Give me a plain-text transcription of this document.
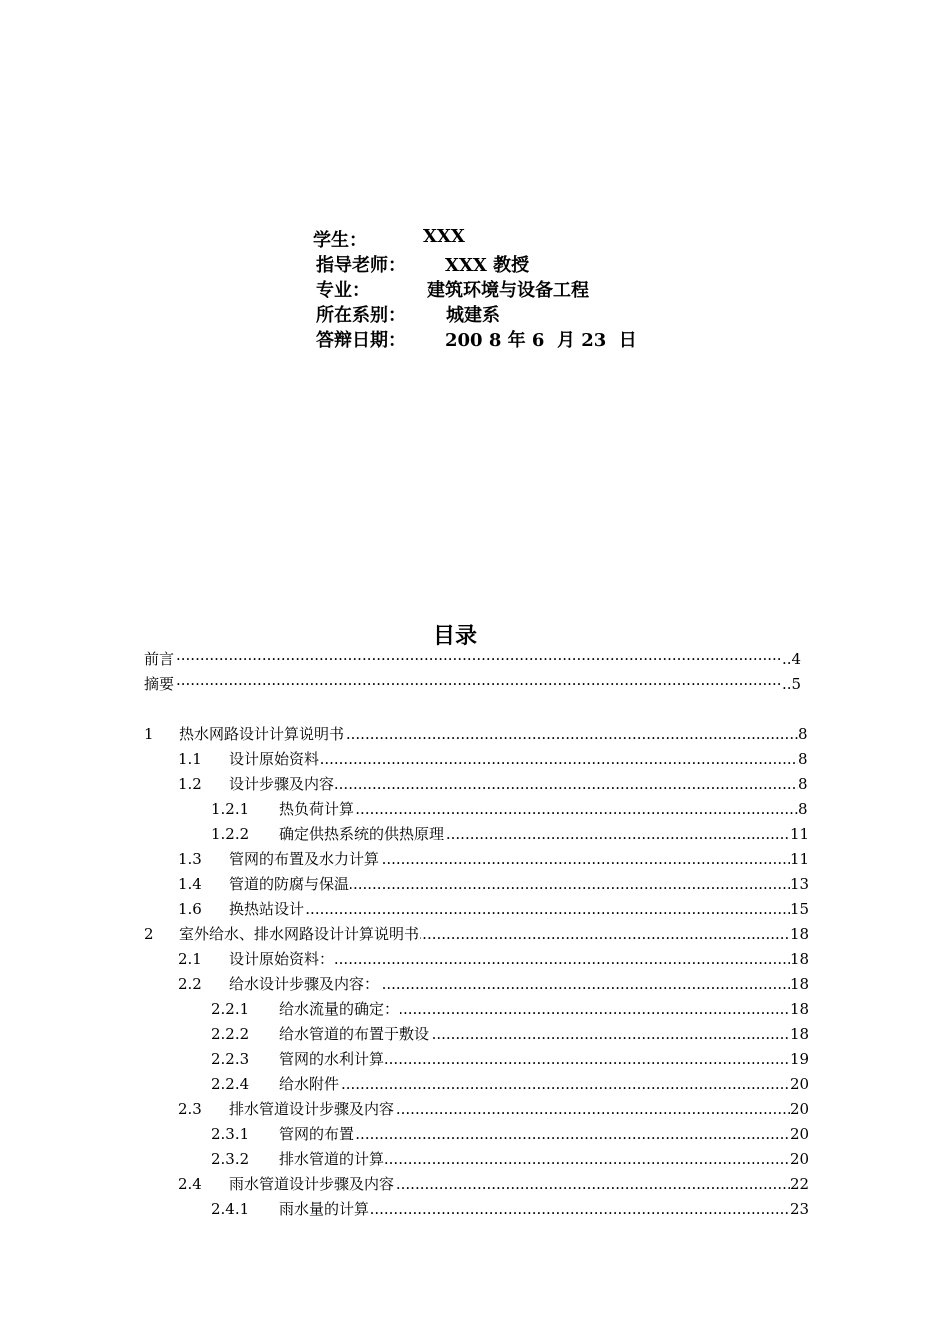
学生：	XXX
指导老师： XXX 教授
专业：	建筑环境与设备工程
所在系别： 城建系
答辩日期： 200 8 年 6  月 23  日
目录
·····
前言	..4
·····
摘要	..5
1 ..... 热水网路设计计算说明书	8
1.1 ..... 设计原始资料	8
1.2 ..... 设计步骤及内容	8
1.2.1 ..... 热负荷计算	8
1.2.2 ..... 确定供热系统的供热原理	11
1.3 ..... 管网的布置及水力计算	11
1.4 ..... 管道的防腐与保温	13
1.6 ..... 换热站设计	15
2 ..... 室外给水、排水网路设计计算说明书	18
2.1 ..... 设计原始资料：	18
2.2 ..... 给水设计步骤及内容：	18
2.2.1 ..... 给水流量的确定：	18
2.2.2 ..... 给水管道的布置于敷设	18
2.2.3 ..... 管网的水利计算	19
2.2.4 ..... 给水附件	20
2.3 ..... 排水管道设计步骤及内容	20
2.3.1 ..... 管网的布置	20
2.3.2 ..... 排水管道的计算	20
2.4 ..... 雨水管道设计步骤及内容	22
2.4.1 ..... 雨水量的计算	23
